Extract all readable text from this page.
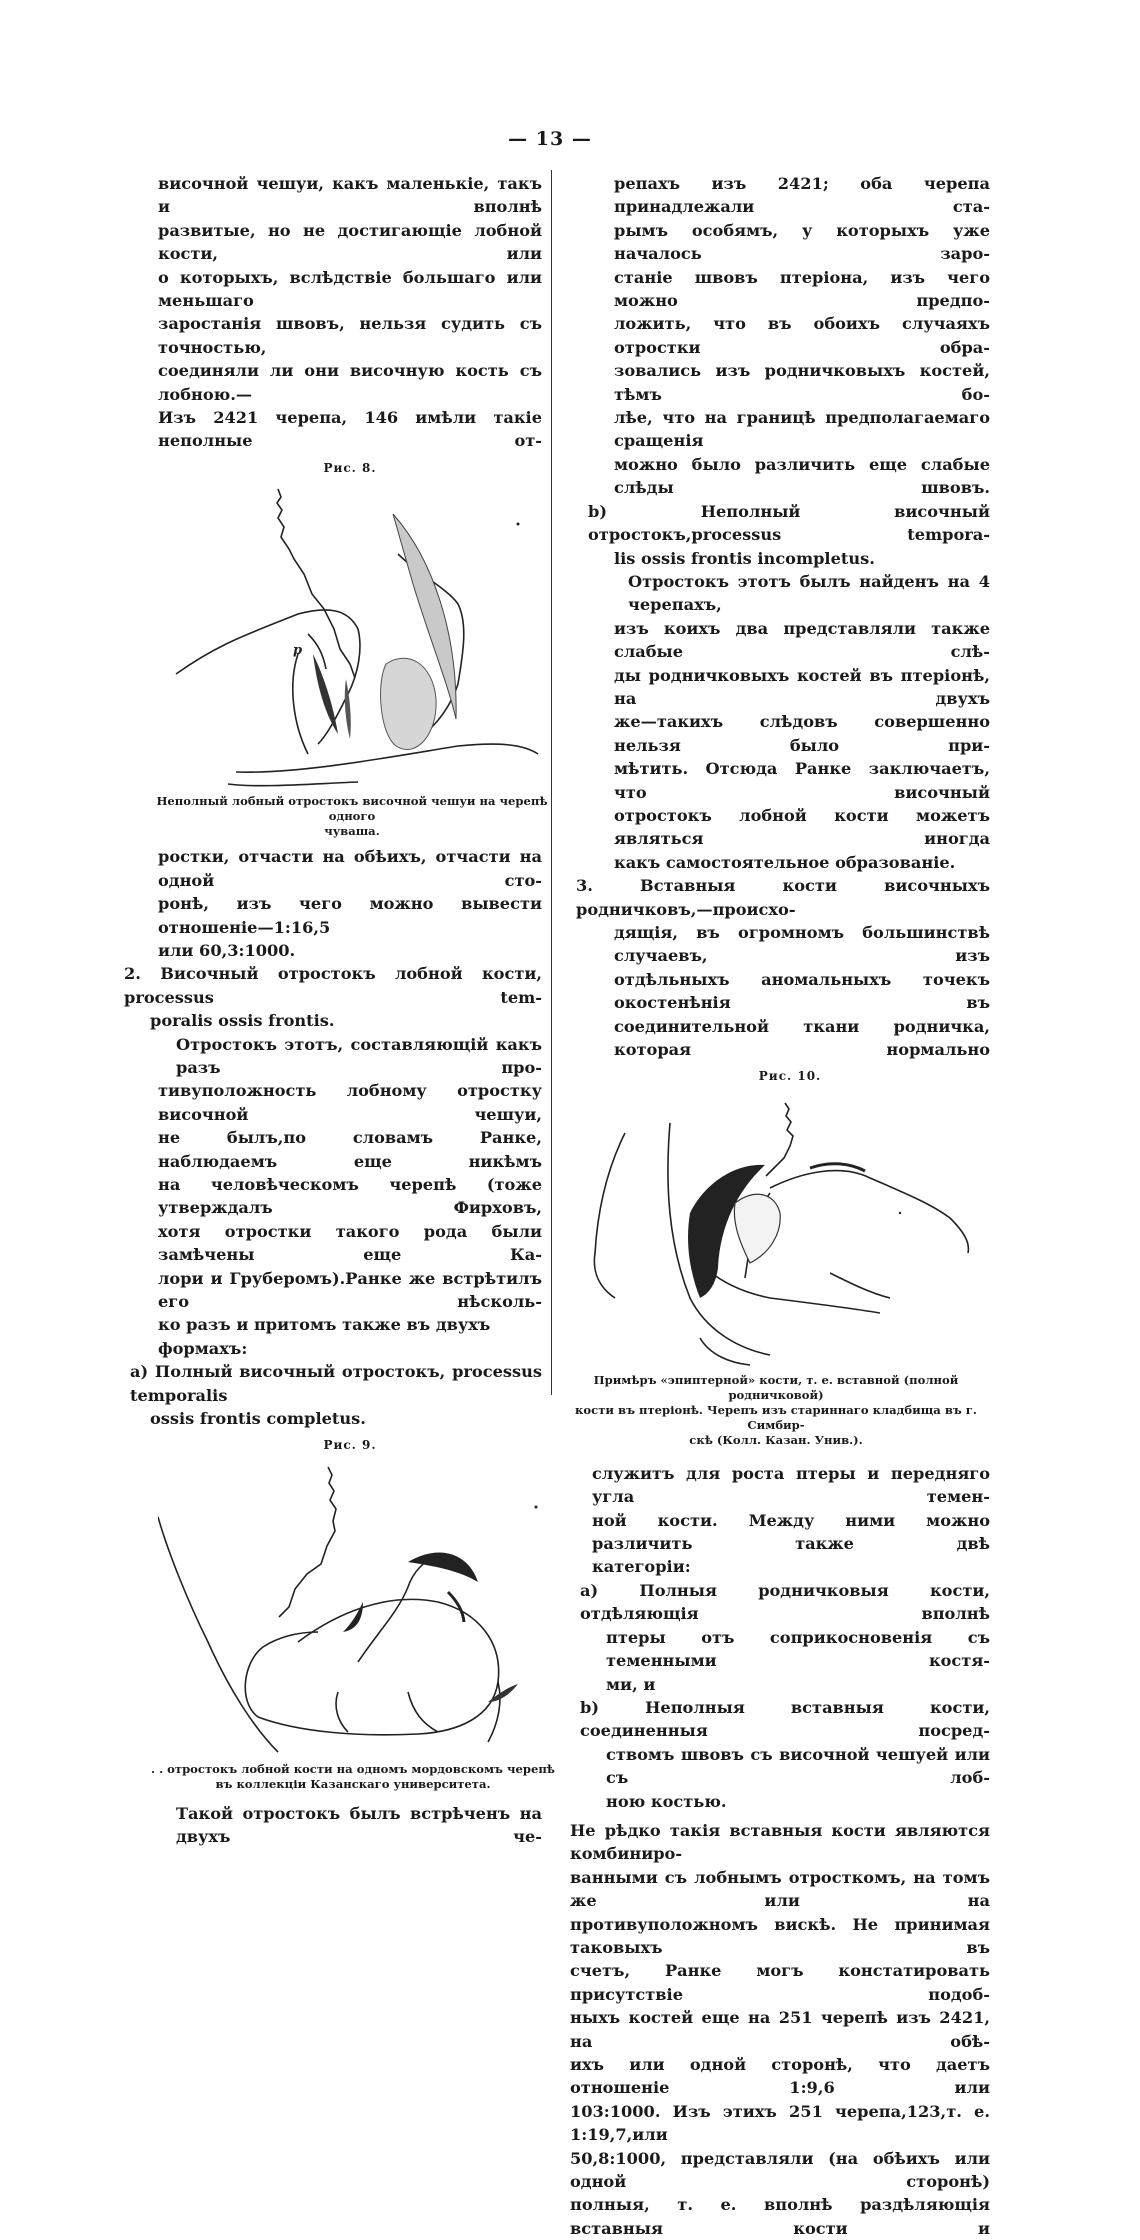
— 13 —

височной чешуи, какъ маленькіе, такъ и вполнѣ

развитые, но не достигающіе лобной кости, или

о которыхъ, вслѣдствіе большаго или меньшаго

заростанія швовъ, нельзя судить съ точностью,

соединяли ли они височную кость съ лобною.—

Изъ 2421 черепа, 146 имѣли такіе неполные от-

Рис. 8.
p
Неполный лобный отростокъ височной чешуи на черепѣ одного
чуваша.

ростки, отчасти на обѣихъ, отчасти на одной сто-

ронѣ, изъ чего можно вывести отношеніе—1:16,5

или 60,3:1000.

2. Височный отростокъ лобной кости, processus tem-

poralis ossis frontis.

Отростокъ этотъ, составляющій какъ разъ про-

тивуположность лобному отростку височной чешуи,

не былъ,по словамъ Ранке, наблюдаемъ еще никѣмъ

на человѣческомъ черепѣ (тоже утверждалъ Фирховъ,

хотя отростки такого рода были замѣчены еще Ка-

лори и Груберомъ).Ранке же встрѣтилъ его нѣсколь-

ко разъ и притомъ также въ двухъ формахъ:

а) Полный височный отростокъ, processus temporalis

ossis frontis completus.

Рис. 9.
. . отростокъ лобной кости на одномъ мордовскомъ черепѣ
въ коллекціи Казанскаго университета.

Такой отростокъ былъ встрѣченъ на двухъ че-

репахъ изъ 2421; оба черепа принадлежали ста-

рымъ особямъ, у которыхъ уже началось заро-

станіе швовъ птеріона, изъ чего можно предпо-

ложить, что въ обоихъ случаяхъ отростки обра-

зовались изъ родничковыхъ костей, тѣмъ бо-

лѣе, что на границѣ предполагаемаго сращенія

можно было различить еще слабые слѣды швовъ.

b) Неполный височный отростокъ,processus tempora-

lis ossis frontis incompletus.

Отростокъ этотъ былъ найденъ на 4 черепахъ,

изъ коихъ два представляли также слабые слѣ-

ды родничковыхъ костей въ птеріонѣ, на двухъ

же—такихъ слѣдовъ совершенно нельзя было при-

мѣтить. Отсюда Ранке заключаетъ, что височный

отростокъ лобной кости можетъ являться иногда

какъ самостоятельное образованіе.

3. Вставныя кости височныхъ родничковъ,—происхо-

дящія, въ огромномъ большинствѣ случаевъ, изъ

отдѣльныхъ аномальныхъ точекъ окостенѣнія въ

соединительной ткани родничка, которая нормально

Рис. 10.
Примѣръ «эпиптерной» кости, т. е. вставной (полной родничковой)
кости въ птеріонѣ. Черепъ изъ стариннаго кладбища въ г. Симбир-
скѣ (Колл. Казан. Унив.).

служитъ для роста птеры и передняго угла темен-

ной кости. Между ними можно различить также двѣ

категоріи:

а) Полныя родничковыя кости, отдѣляющія вполнѣ

птеры отъ соприкосновенія съ теменными костя-

ми, и

b) Неполныя вставныя кости, соединенныя посред-

ствомъ швовъ съ височной чешуей или съ лоб-

ною костью.

Не рѣдко такія вставныя кости являются комбиниро-

ванными съ лобнымъ отросткомъ, на томъ же или на

противуположномъ вискѣ. Не принимая таковыхъ въ

счетъ, Ранке могъ констатировать присутствіе подоб-

ныхъ костей еще на 251 черепѣ изъ 2421, на обѣ-

ихъ или одной сторонѣ, что даетъ отношеніе 1:9,6 или

103:1000. Изъ этихъ 251 черепа,123,т. е. 1:19,7,или

50,8:1000, представляли (на обѣихъ или одной сторонѣ)

полныя, т. е. вполнѣ раздѣляющія вставныя кости и
